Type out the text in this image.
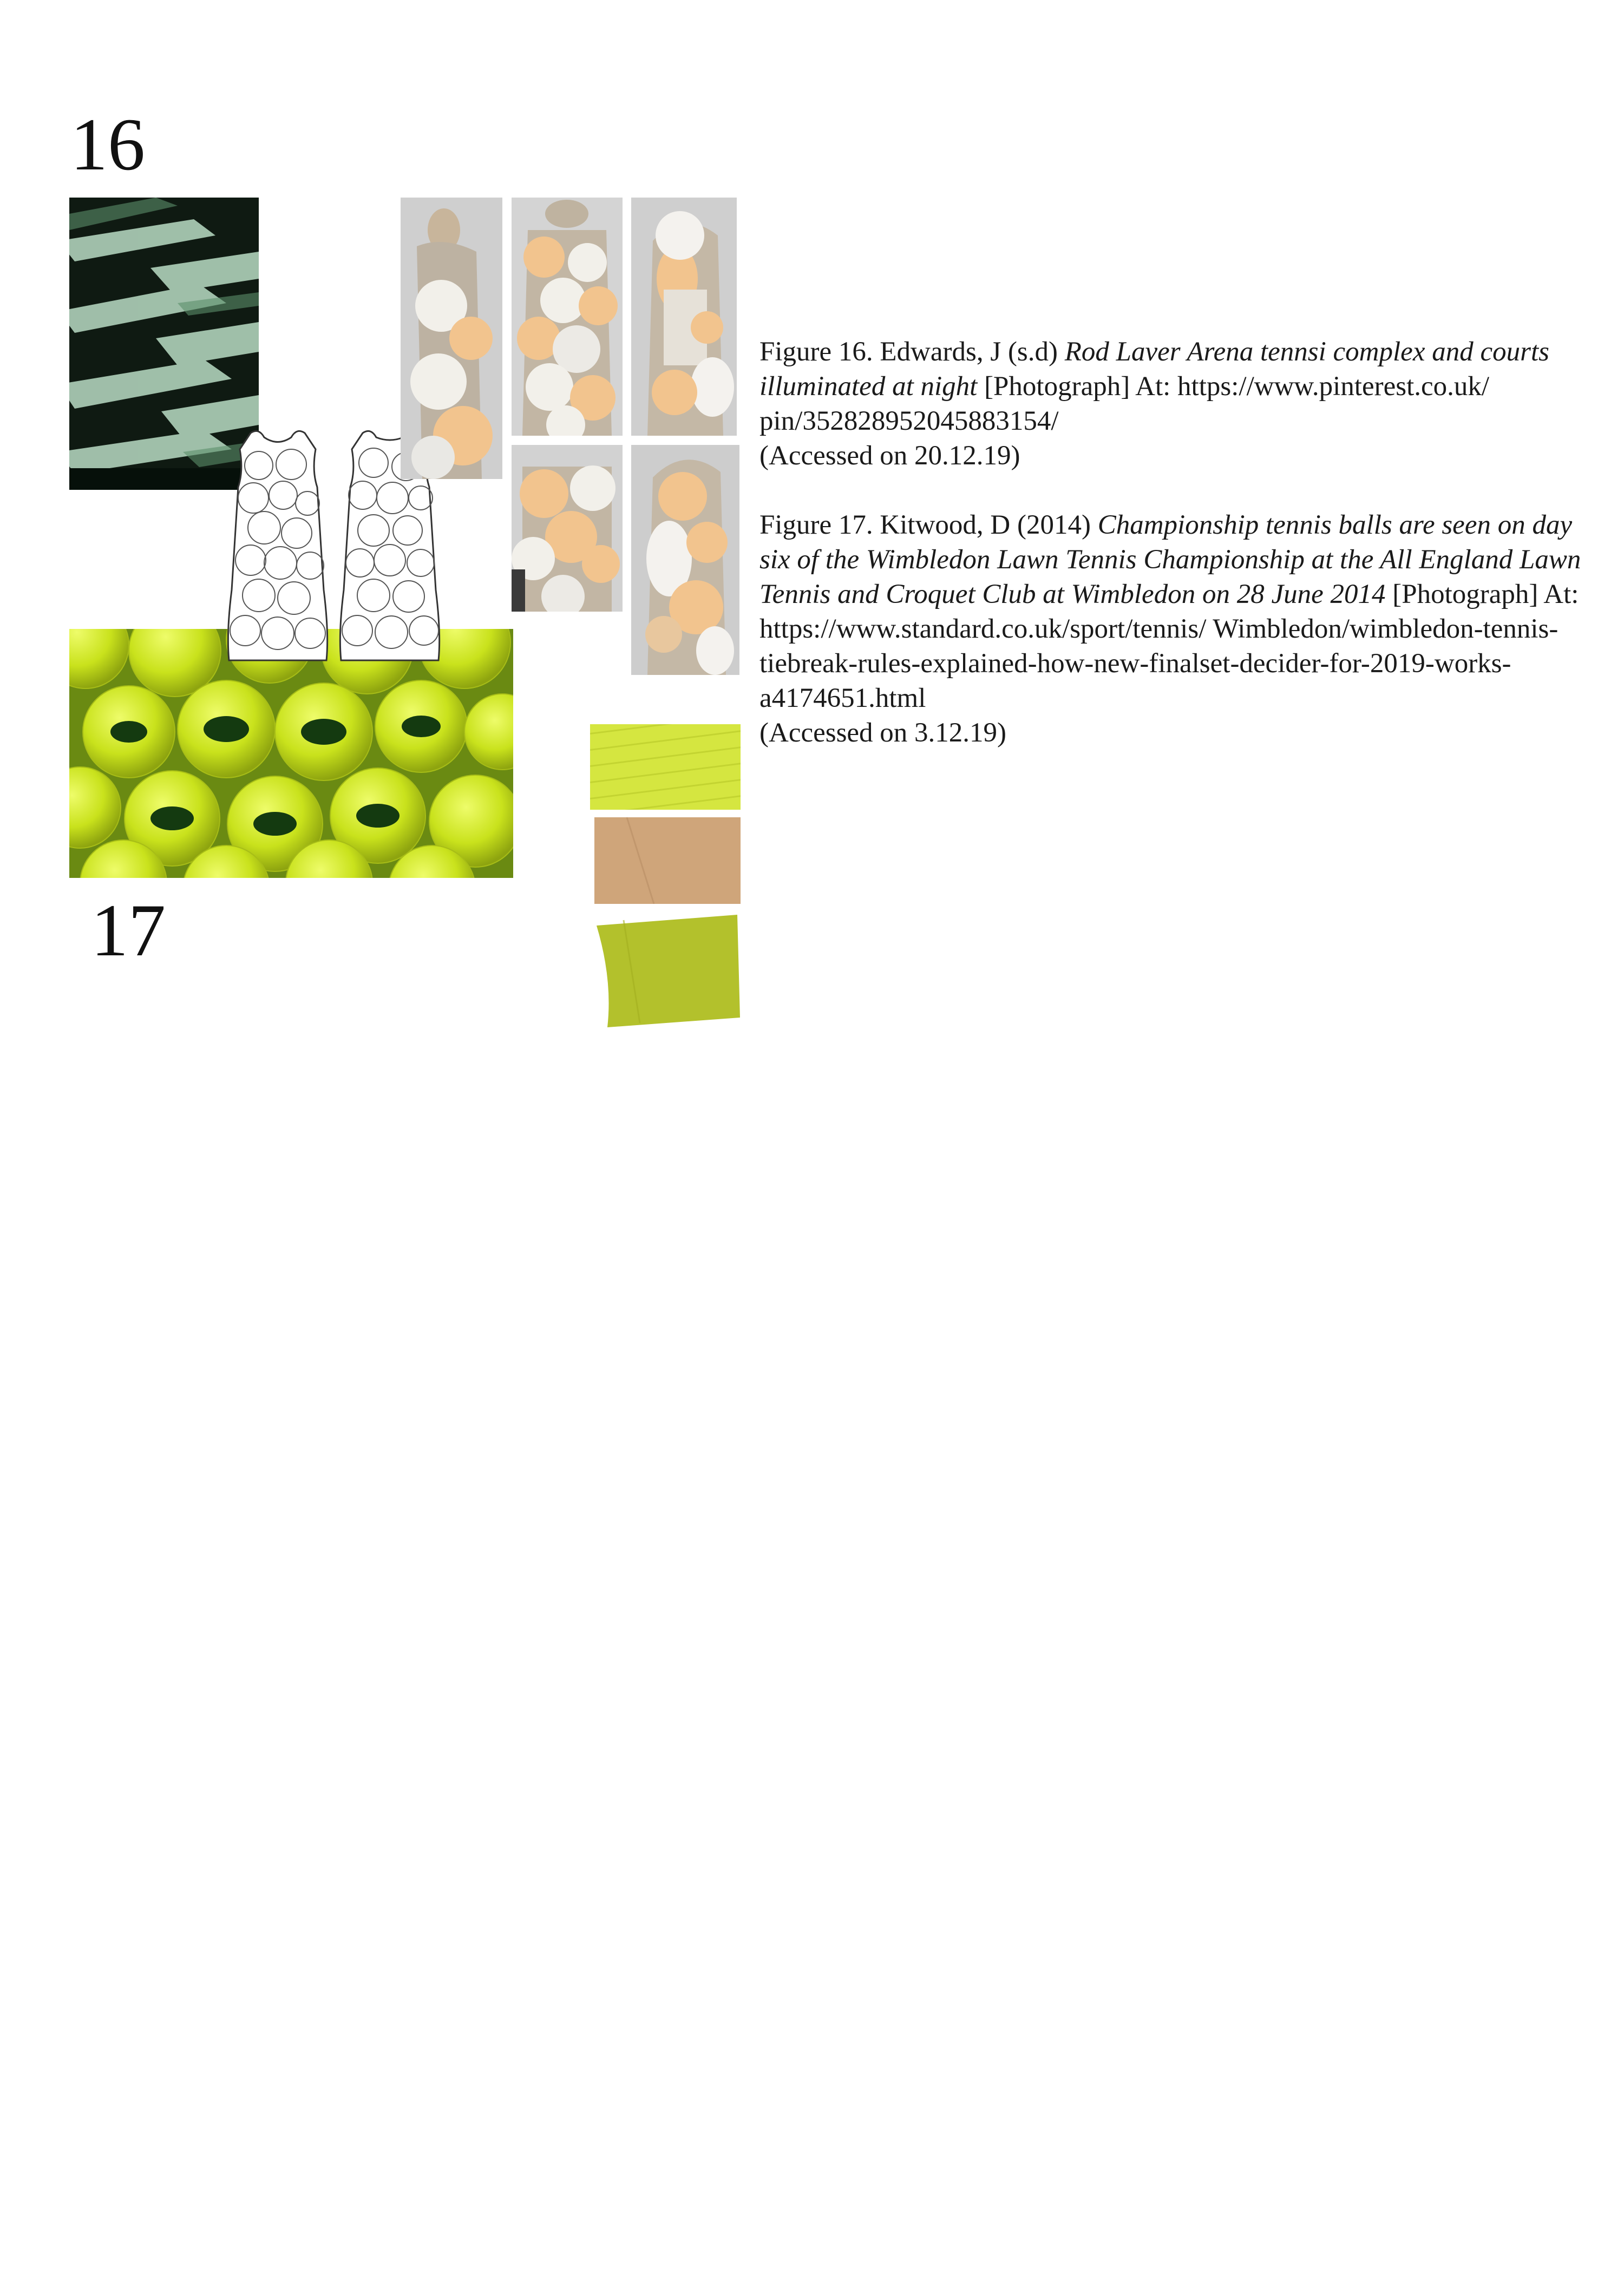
16
17

Figure 16. Edwards, J (s.d) Rod Laver Arena tennsi complex and courts illuminated at night [Photograph] At: https://www.pinterest.co.uk/ pin/352828952045883154/
(Accessed on 20.12.19)

Figure 17. Kitwood, D (2014) Championship tennis balls are seen on day six of the Wimbledon Lawn Tennis Championship at the All England Lawn Tennis and Croquet Club at Wimbledon on 28 June 2014 [Photograph] At: https://www.standard.co.uk/sport/tennis/ Wimbledon/wimbledon-tennis-tiebreak-rules-explained-how-new-finalset-decider-for-2019-works-a4174651.html
(Accessed on 3.12.19)
